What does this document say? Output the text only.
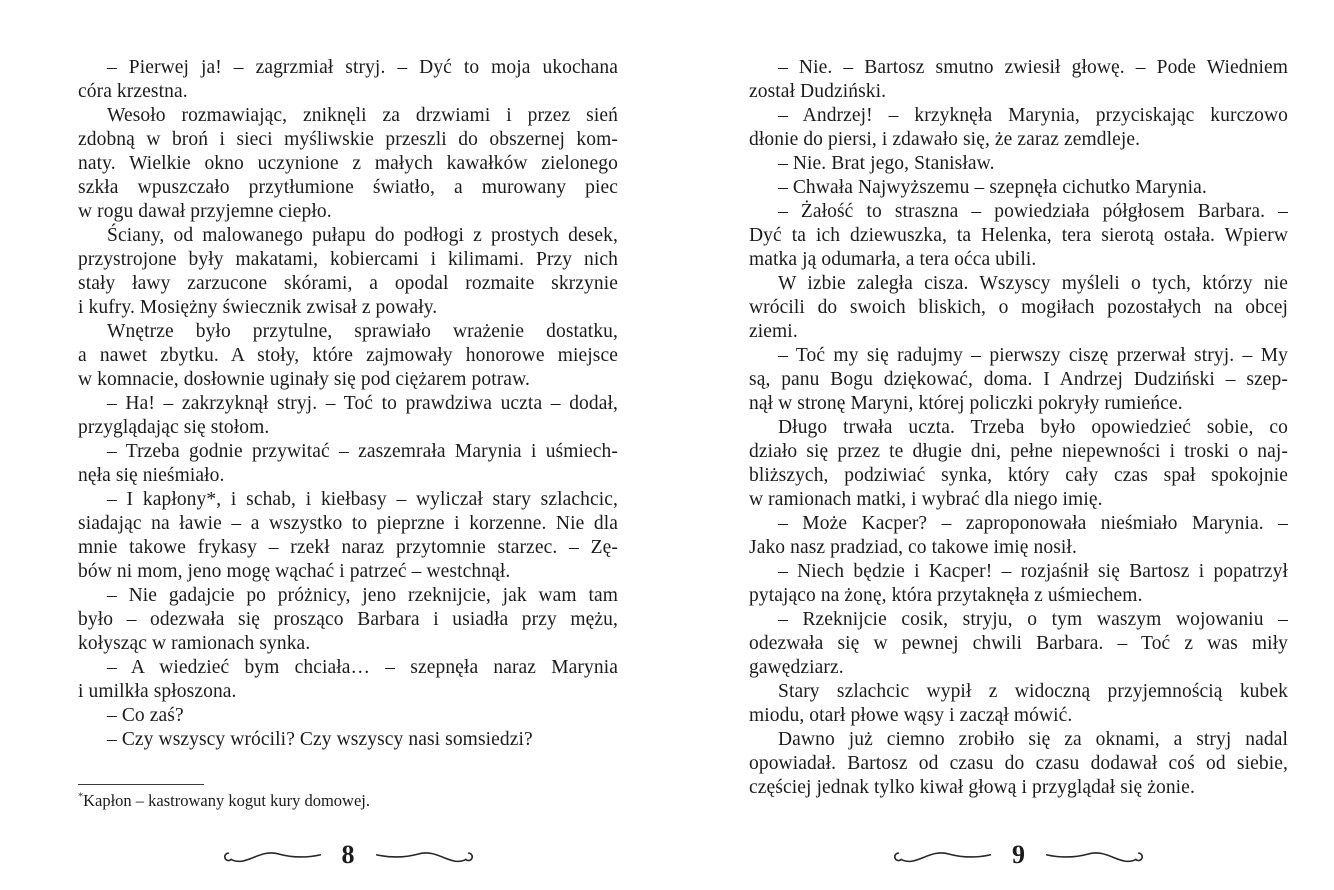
– Pierwej ja! – zagrzmiał stryj. – Dyć to moja ukochana
córa krzestna.
Wesoło rozmawiając, zniknęli za drzwiami i przez sień
zdobną w broń i sieci myśliwskie przeszli do obszernej kom-
naty. Wielkie okno uczynione z małych kawałków zielonego
szkła wpuszczało przytłumione światło, a murowany piec
w rogu dawał przyjemne ciepło.
Ściany, od malowanego pułapu do podłogi z prostych desek,
przystrojone były makatami, kobiercami i kilimami. Przy nich
stały ławy zarzucone skórami, a opodal rozmaite skrzynie
i kufry. Mosiężny świecznik zwisał z powały.
Wnętrze było przytulne, sprawiało wrażenie dostatku,
a nawet zbytku. A stoły, które zajmowały honorowe miejsce
w komnacie, dosłownie uginały się pod ciężarem potraw.
– Ha! – zakrzyknął stryj. – Toć to prawdziwa uczta – dodał,
przyglądając się stołom.
– Trzeba godnie przywitać – zaszemrała Marynia i uśmiech-
nęła się nieśmiało.
– I kapłony*, i schab, i kiełbasy – wyliczał stary szlachcic,
siadając na ławie – a wszystko to pieprzne i korzenne. Nie dla
mnie takowe frykasy – rzekł naraz przytomnie starzec. – Zę-
bów ni mom, jeno mogę wąchać i patrzeć – westchnął.
– Nie gadajcie po próżnicy, jeno rzeknijcie, jak wam tam
było – odezwała się prosząco Barbara i usiadła przy mężu,
kołysząc w ramionach synka.
– A wiedzieć bym chciała… – szepnęła naraz Marynia
i umilkła spłoszona.
– Co zaś?
– Czy wszyscy wrócili? Czy wszyscy nasi somsiedzi?
*Kapłon – kastrowany kogut kury domowej.
8
– Nie. – Bartosz smutno zwiesił głowę. – Pode Wiedniem
został Dudziński.
– Andrzej! – krzyknęła Marynia, przyciskając kurczowo
dłonie do piersi, i zdawało się, że zaraz zemdleje.
– Nie. Brat jego, Stanisław.
– Chwała Najwyższemu – szepnęła cichutko Marynia.
– Żałość to straszna – powiedziała półgłosem Barbara. –
Dyć ta ich dziewuszka, ta Helenka, tera sierotą ostała. Wpierw
matka ją odumarła, a tera oćca ubili.
W izbie zaległa cisza. Wszyscy myśleli o tych, którzy nie
wrócili do swoich bliskich, o mogiłach pozostałych na obcej
ziemi.
– Toć my się radujmy – pierwszy ciszę przerwał stryj. – My
są, panu Bogu dziękować, doma. I Andrzej Dudziński – szep-
nął w stronę Maryni, której policzki pokryły rumieńce.
Długo trwała uczta. Trzeba było opowiedzieć sobie, co
działo się przez te długie dni, pełne niepewności i troski o naj-
bliższych, podziwiać synka, który cały czas spał spokojnie
w ramionach matki, i wybrać dla niego imię.
– Może Kacper? – zaproponowała nieśmiało Marynia. –
Jako nasz pradziad, co takowe imię nosił.
– Niech będzie i Kacper! – rozjaśnił się Bartosz i popatrzył
pytająco na żonę, która przytaknęła z uśmiechem.
– Rzeknijcie cosik, stryju, o tym waszym wojowaniu –
odezwała się w pewnej chwili Barbara. – Toć z was miły
gawędziarz.
Stary szlachcic wypił z widoczną przyjemnością kubek
miodu, otarł płowe wąsy i zaczął mówić.
Dawno już ciemno zrobiło się za oknami, a stryj nadal
opowiadał. Bartosz od czasu do czasu dodawał coś od siebie,
częściej jednak tylko kiwał głową i przyglądał się żonie.
9
